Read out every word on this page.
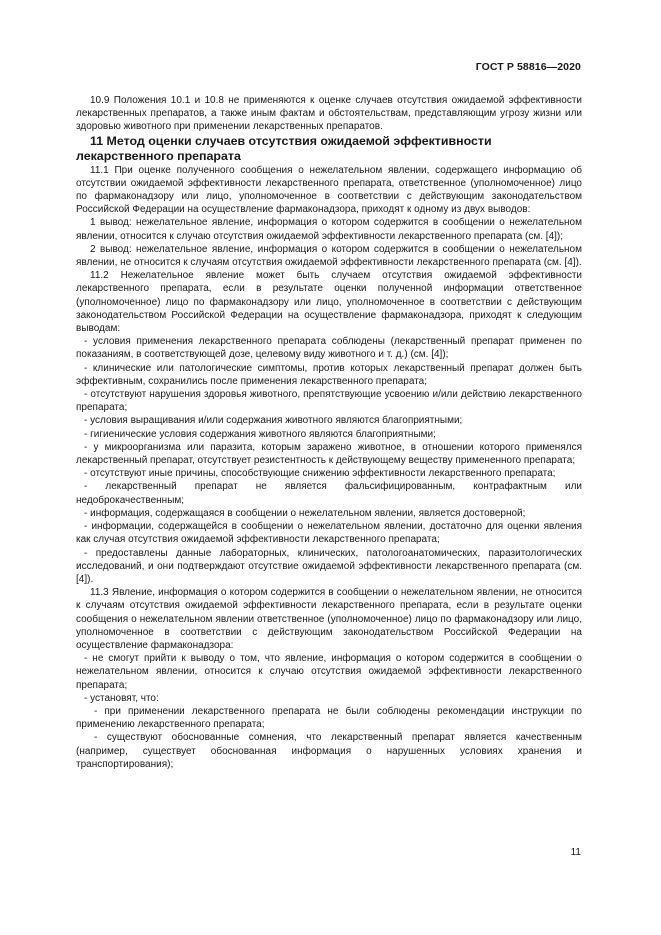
ГОСТ Р 58816—2020

10.9 Положения 10.1 и 10.8 не применяются к оценке случаев отсутствия ожидаемой эффективности лекарственных препаратов, а также иным фактам и обстоятельствам, представляющим угрозу жизни или здоровью животного при применении лекарственных препаратов.

11 Метод оценки случаев отсутствия ожидаемой эффективности лекарственного препарата

11.1 При оценке полученного сообщения о нежелательном явлении, содержащего информацию об отсутствии ожидаемой эффективности лекарственного препарата, ответственное (уполномоченное) лицо по фармаконадзору или лицо, уполномоченное в соответствии с действующим законодательством Российской Федерации на осуществление фармаконадзора, приходят к одному из двух выводов:

1 вывод: нежелательное явление, информация о котором содержится в сообщении о нежелательном явлении, относится к случаю отсутствия ожидаемой эффективности лекарственного препарата (см. [4]);

2 вывод: нежелательное явление, информация о котором содержится в сообщении о нежелательном явлении, не относится к случаям отсутствия ожидаемой эффективности лекарственного препарата (см. [4]).

11.2 Нежелательное явление может быть случаем отсутствия ожидаемой эффективности лекарственного препарата, если в результате оценки полученной информации ответственное (уполномоченное) лицо по фармаконадзору или лицо, уполномоченное в соответствии с действующим законодательством Российской Федерации на осуществление фармаконадзора, приходят к следующим выводам:

- условия применения лекарственного препарата соблюдены (лекарственный препарат применен по показаниям, в соответствующей дозе, целевому виду животного и т. д.) (см. [4]);

- клинические или патологические симптомы, против которых лекарственный препарат должен быть эффективным, сохранились после применения лекарственного препарата;

- отсутствуют нарушения здоровья животного, препятствующие усвоению и/или действию лекарственного препарата;

- условия выращивания и/или содержания животного являются благоприятными;

- гигиенические условия содержания животного являются благоприятными;

- у микроорганизма или паразита, которым заражено животное, в отношении которого применялся лекарственный препарат, отсутствует резистентность к действующему веществу примененного препарата;

- отсутствуют иные причины, способствующие снижению эффективности лекарственного препарата;

- лекарственный препарат не является фальсифицированным, контрафактным или недоброкачественным;

- информация, содержащаяся в сообщении о нежелательном явлении, является достоверной;

- информации, содержащейся в сообщении о нежелательном явлении, достаточно для оценки явления как случая отсутствия ожидаемой эффективности лекарственного препарата;

- предоставлены данные лабораторных, клинических, патологоанатомических, паразитологических исследований, и они подтверждают отсутствие ожидаемой эффективности лекарственного препарата (см. [4]).

11.3 Явление, информация о котором содержится в сообщении о нежелательном явлении, не относится к случаям отсутствия ожидаемой эффективности лекарственного препарата, если в результате оценки сообщения о нежелательном явлении ответственное (уполномоченное) лицо по фармаконадзору или лицо, уполномоченное в соответствии с действующим законодательством Российской Федерации на осуществление фармаконадзора:

- не смогут прийти к выводу о том, что явление, информация о котором содержится в сообщении о нежелательном явлении, относится к случаю отсутствия ожидаемой эффективности лекарственного препарата;

- установят, что:

- при применении лекарственного препарата не были соблюдены рекомендации инструкции по применению лекарственного препарата;

- существуют обоснованные сомнения, что лекарственный препарат является качественным (например, существует обоснованная информация о нарушенных условиях хранения и транспортирования);

11
